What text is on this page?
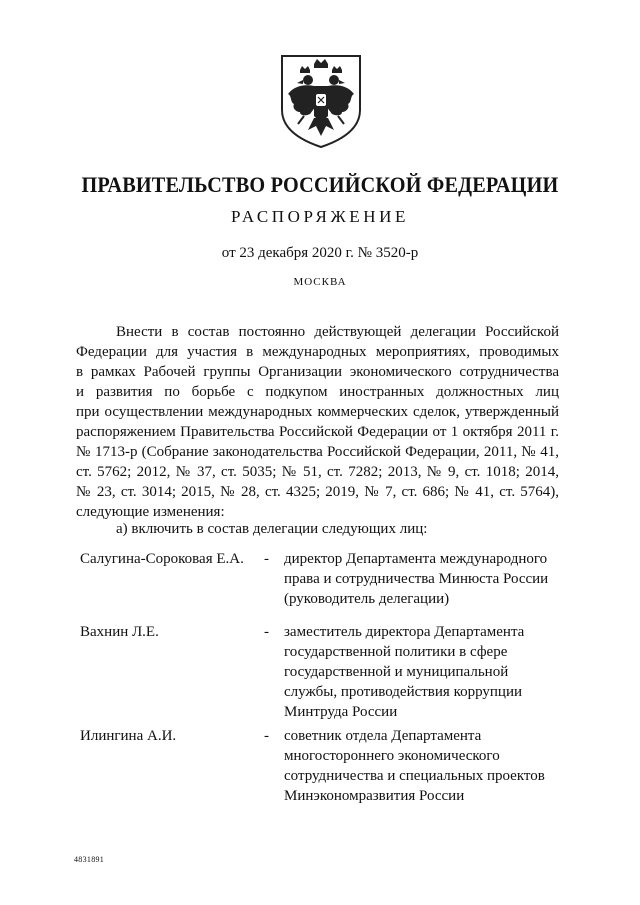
ПРАВИТЕЛЬСТВО РОССИЙСКОЙ ФЕДЕРАЦИИ
РАСПОРЯЖЕНИЕ
от 23 декабря 2020 г. № 3520-р
МОСКВА
Внести в состав постоянно действующей делегации Российской
Федерации для участия в международных мероприятиях, проводимых
в рамках Рабочей группы Организации экономического сотрудничества
и развития по борьбе с подкупом иностранных должностных лиц
при осуществлении международных коммерческих сделок, утвержденный
распоряжением Правительства Российской Федерации от 1 октября 2011 г.
№ 1713-р (Собрание законодательства Российской Федерации, 2011, № 41,
ст. 5762; 2012, № 37, ст. 5035; № 51, ст. 7282; 2013, № 9, ст. 1018; 2014,
№ 23, ст. 3014; 2015, № 28, ст. 4325; 2019, № 7, ст. 686; № 41, ст. 5764),
следующие изменения:
а) включить в состав делегации следующих лиц:
Салугина-Сороковая Е.А. - директор Департамента международного
права и сотрудничества Минюста России
(руководитель делегации)
Вахнин Л.Е.	- заместитель директора Департамента
государственной политики в сфере
государственной и муниципальной
службы, противодействия коррупции
Минтруда России
Илингина А.И.	- советник отдела Департамента
многостороннего экономического
сотрудничества и специальных проектов
Минэкономразвития России
4831891
